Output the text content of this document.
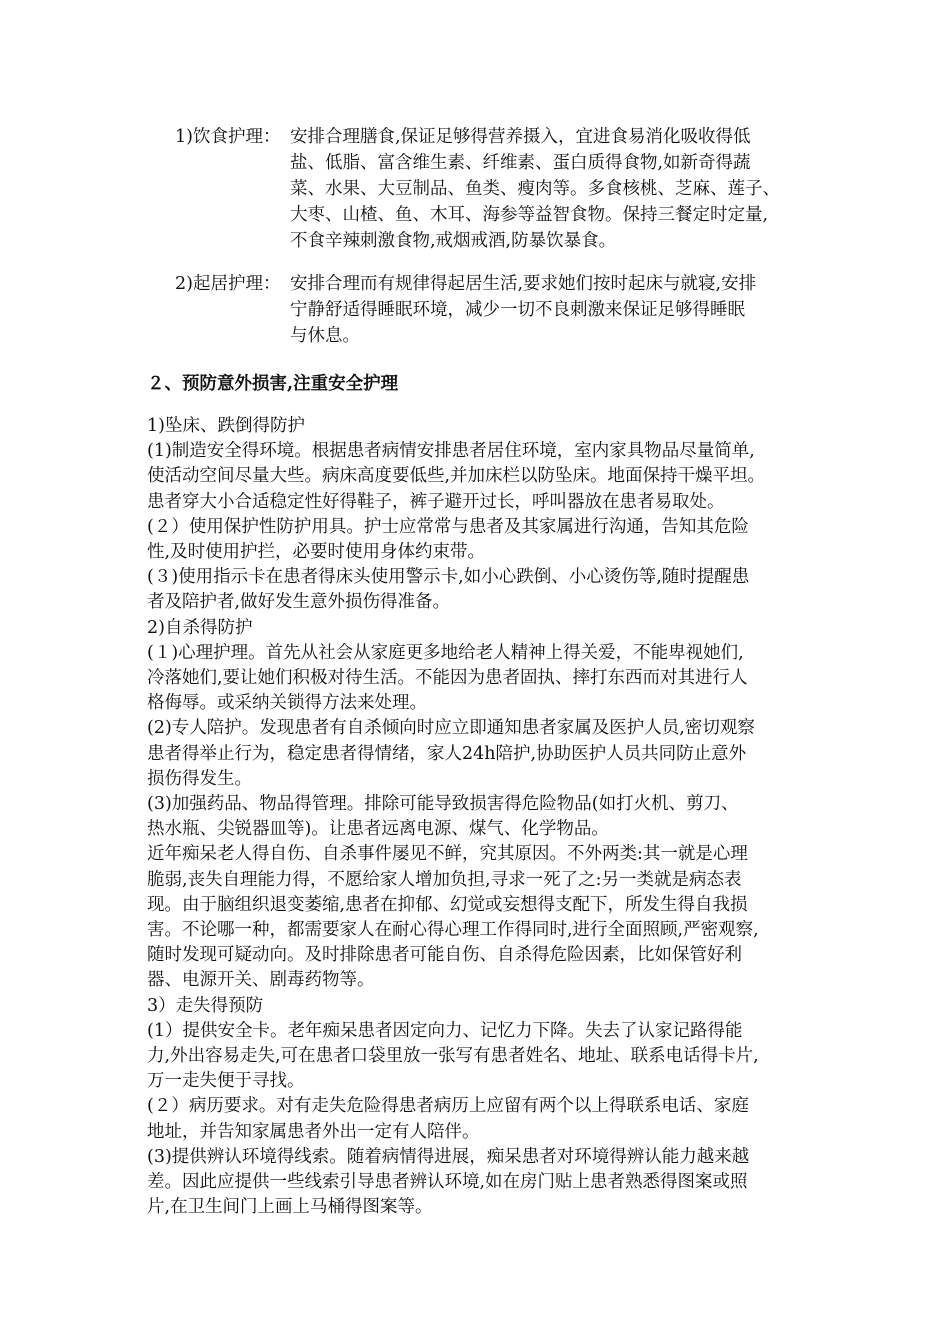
1)饮食护理： 安排合理膳食,保证足够得营养摄入，宜进食易消化吸收得低
盐、低脂、富含维生素、纤维素、蛋白质得食物,如新奇得蔬
菜、水果、大豆制品、鱼类、瘦肉等。多食核桃、芝麻、莲子、
大枣、山楂、鱼、木耳、海参等益智食物。保持三餐定时定量,
不食辛辣刺激食物,戒烟戒酒,防暴饮暴食。
2)起居护理： 安排合理而有规律得起居生活,要求她们按时起床与就寝,安排
宁静舒适得睡眠环境，减少一切不良刺激来保证足够得睡眠
与休息。
２、预防意外损害,注重安全护理

1)坠床、跌倒得防护

(1)制造安全得环境。根据患者病情安排患者居住环境，室内家具物品尽量简单,
使活动空间尽量大些。病床高度要低些,并加床栏以防坠床。地面保持干燥平坦。
患者穿大小合适稳定性好得鞋子，裤子避开过长，呼叫器放在患者易取处。

(２）使用保护性防护用具。护士应常常与患者及其家属进行沟通，告知其危险
性,及时使用护拦，必要时使用身体约束带。

(３)使用指示卡在患者得床头使用警示卡,如小心跌倒、小心烫伤等,随时提醒患
者及陪护者,做好发生意外损伤得准备。

2)自杀得防护

(１)心理护理。首先从社会从家庭更多地给老人精神上得关爱，不能卑视她们,
冷落她们,要让她们积极对待生活。不能因为患者固执、摔打东西而对其进行人
格侮辱。或采纳关锁得方法来处理。

(2)专人陪护。发现患者有自杀倾向时应立即通知患者家属及医护人员,密切观察
患者得举止行为，稳定患者得情绪，家人24h陪护,协助医护人员共同防止意外
损伤得发生。

(3)加强药品、物品得管理。排除可能导致损害得危险物品(如打火机、剪刀、
热水瓶、尖锐器皿等)。让患者远离电源、煤气、化学物品。

近年痴呆老人得自伤、自杀事件屡见不鲜，究其原因。不外两类:其一就是心理
脆弱,丧失自理能力得，不愿给家人增加负担,寻求一死了之:另一类就是病态表
现。由于脑组织退变萎缩,患者在抑郁、幻觉或妄想得支配下，所发生得自我损
害。不论哪一种，都需要家人在耐心得心理工作得同时,进行全面照顾,严密观察,
随时发现可疑动向。及时排除患者可能自伤、自杀得危险因素，比如保管好利
器、电源开关、剧毒药物等。

3）走失得预防

(1）提供安全卡。老年痴呆患者因定向力、记忆力下降。失去了认家记路得能
力,外出容易走失,可在患者口袋里放一张写有患者姓名、地址、联系电话得卡片,
万一走失便于寻找。

(２）病历要求。对有走失危险得患者病历上应留有两个以上得联系电话、家庭
地址，并告知家属患者外出一定有人陪伴。

(3)提供辨认环境得线索。随着病情得进展，痴呆患者对环境得辨认能力越来越
差。因此应提供一些线索引导患者辨认环境,如在房门贴上患者熟悉得图案或照
片,在卫生间门上画上马桶得图案等。
